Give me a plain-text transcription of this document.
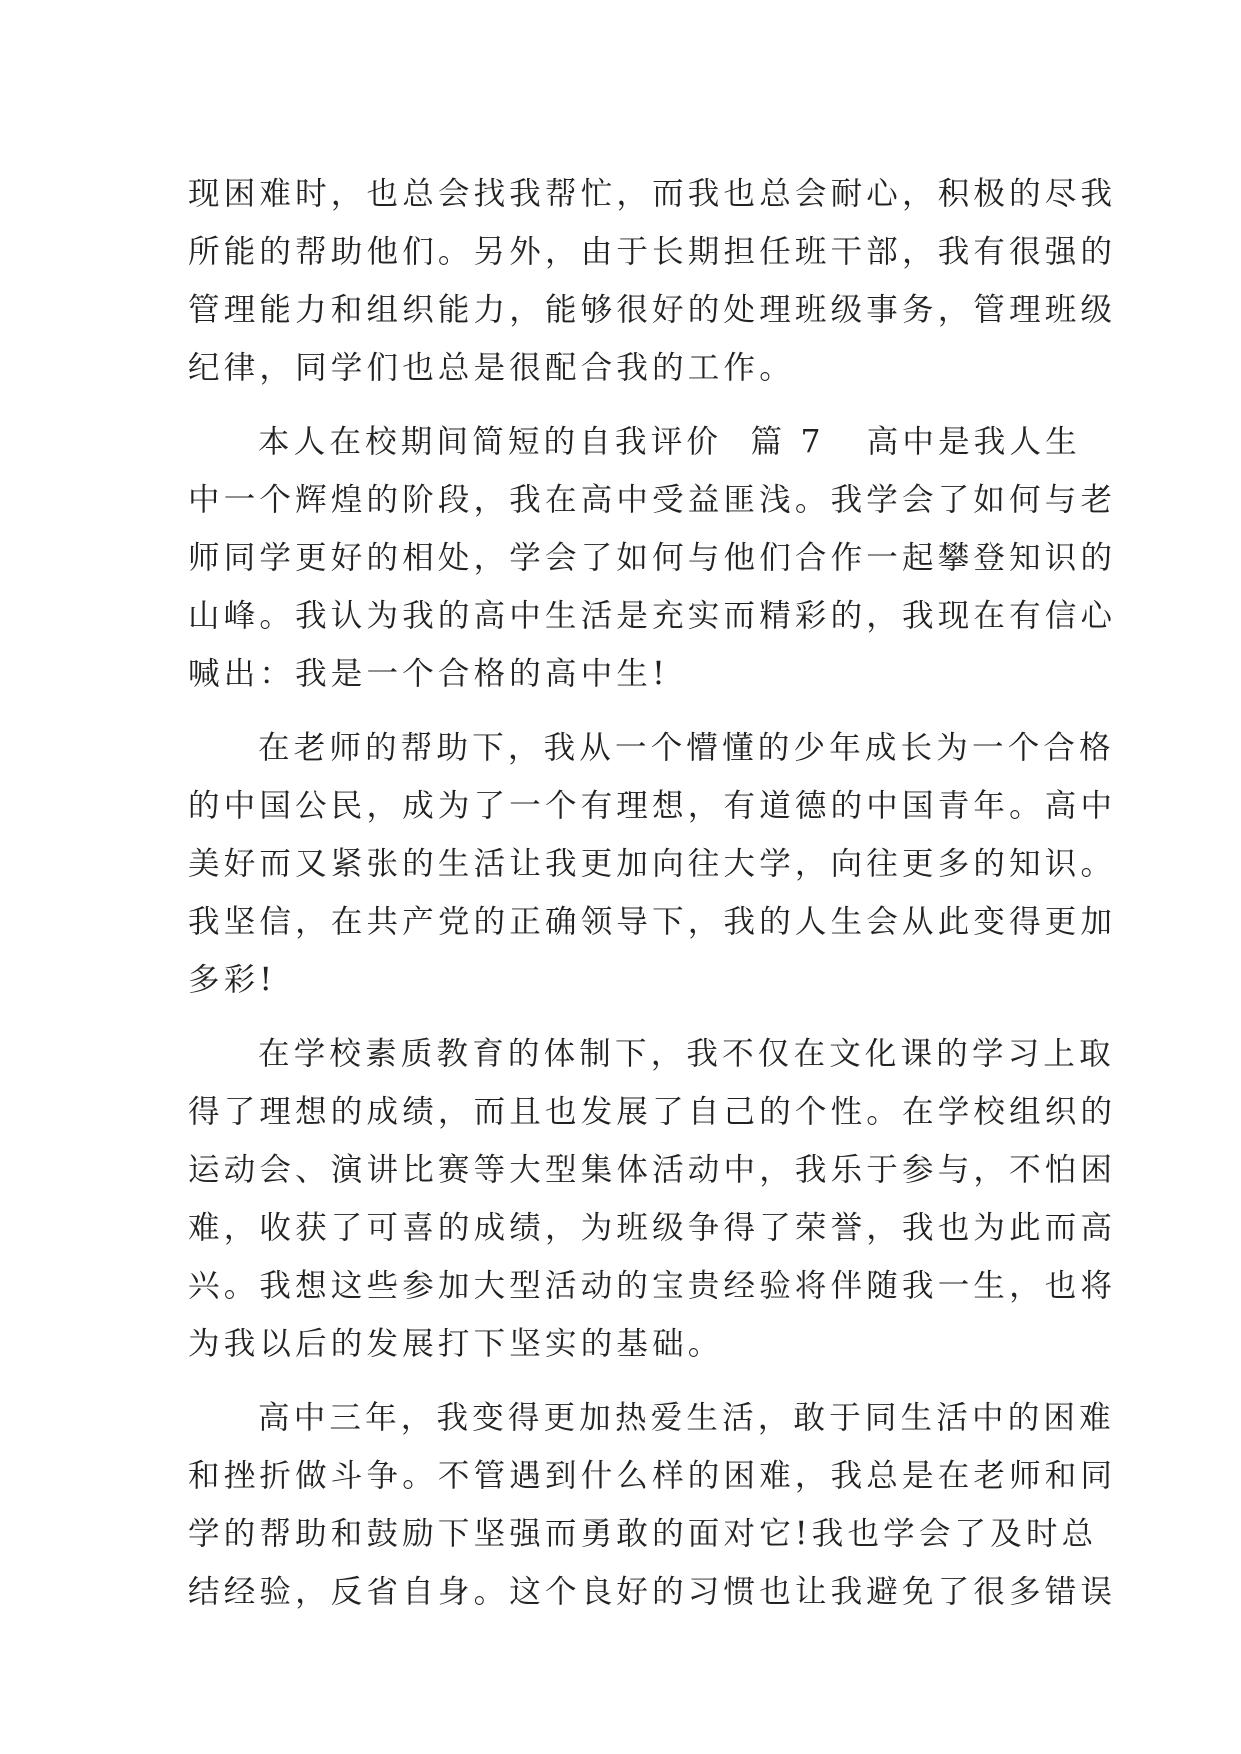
现困难时，也总会找我帮忙，而我也总会耐心，积极的尽我
所能的帮助他们。另外，由于长期担任班干部，我有很强的
管理能力和组织能力，能够很好的处理班级事务，管理班级
纪律，同学们也总是很配合我的工作。
本人在校期间简短的自我评价  篇 7 高中是我人生
中一个辉煌的阶段，我在高中受益匪浅。我学会了如何与老
师同学更好的相处，学会了如何与他们合作一起攀登知识的
山峰。我认为我的高中生活是充实而精彩的，我现在有信心
喊出：我是一个合格的高中生!
在老师的帮助下，我从一个懵懂的少年成长为一个合格
的中国公民，成为了一个有理想，有道德的中国青年。高中
美好而又紧张的生活让我更加向往大学，向往更多的知识。
我坚信，在共产党的正确领导下，我的人生会从此变得更加
多彩!
在学校素质教育的体制下，我不仅在文化课的学习上取
得了理想的成绩，而且也发展了自己的个性。在学校组织的
运动会、演讲比赛等大型集体活动中，我乐于参与，不怕困
难，收获了可喜的成绩，为班级争得了荣誉，我也为此而高
兴。我想这些参加大型活动的宝贵经验将伴随我一生，也将
为我以后的发展打下坚实的基础。
高中三年，我变得更加热爱生活，敢于同生活中的困难
和挫折做斗争。不管遇到什么样的困难，我总是在老师和同
学的帮助和鼓励下坚强而勇敢的面对它!我也学会了及时总
结经验，反省自身。这个良好的习惯也让我避免了很多错误
